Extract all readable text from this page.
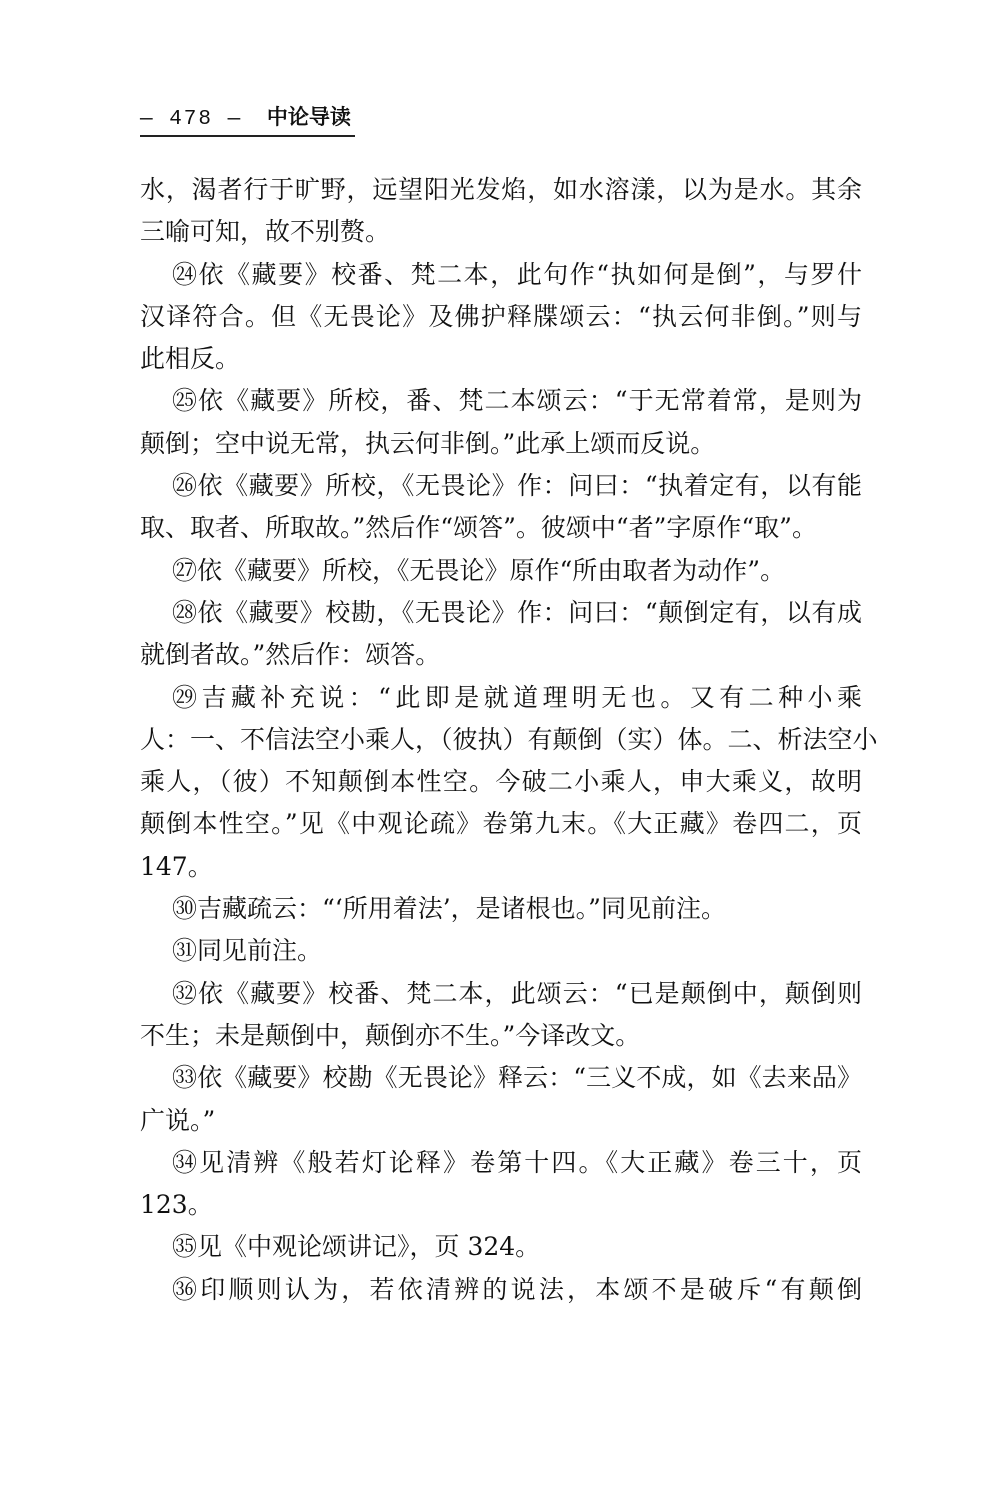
— 478 — 中论导读
水，渴者行于旷野，远望阳光发焰，如水溶漾，以为是水。其余
三喻可知，故不别赘。
㉔依《藏要》校番、梵二本，此句作“执如何是倒”，与罗什
汉译符合。但《无畏论》及佛护释牒颂云：“执云何非倒。”则与
此相反。
㉕依《藏要》所校，番、梵二本颂云：“于无常着常，是则为
颠倒；空中说无常，执云何非倒。”此承上颂而反说。
㉖依《藏要》所校，《无畏论》作：问曰：“执着定有，以有能
取、取者、所取故。”然后作“颂答”。彼颂中“者”字原作“取”。
㉗依《藏要》所校，《无畏论》原作“所由取者为动作”。
㉘依《藏要》校勘，《无畏论》作：问曰：“颠倒定有，以有成
就倒者故。”然后作：颂答。
㉙吉藏补充说：“此即是就道理明无也。又有二种小乘
人：一、不信法空小乘人，（彼执）有颠倒（实）体。二、析法空小
乘人，（彼）不知颠倒本性空。今破二小乘人，申大乘义，故明
颠倒本性空。”见《中观论疏》卷第九末。《大正藏》卷四二，页
147。
㉚吉藏疏云：“‘所用着法’，是诸根也。”同见前注。
㉛同见前注。
㉜依《藏要》校番、梵二本，此颂云：“已是颠倒中，颠倒则
不生；未是颠倒中，颠倒亦不生。”今译改文。
㉝依《藏要》校勘《无畏论》释云：“三义不成，如《去来品》
广说。”
㉞见清辨《般若灯论释》卷第十四。《大正藏》卷三十，页
123。
㉟见《中观论颂讲记》，页 324。
㊱印顺则认为，若依清辨的说法，本颂不是破斥“有颠倒
